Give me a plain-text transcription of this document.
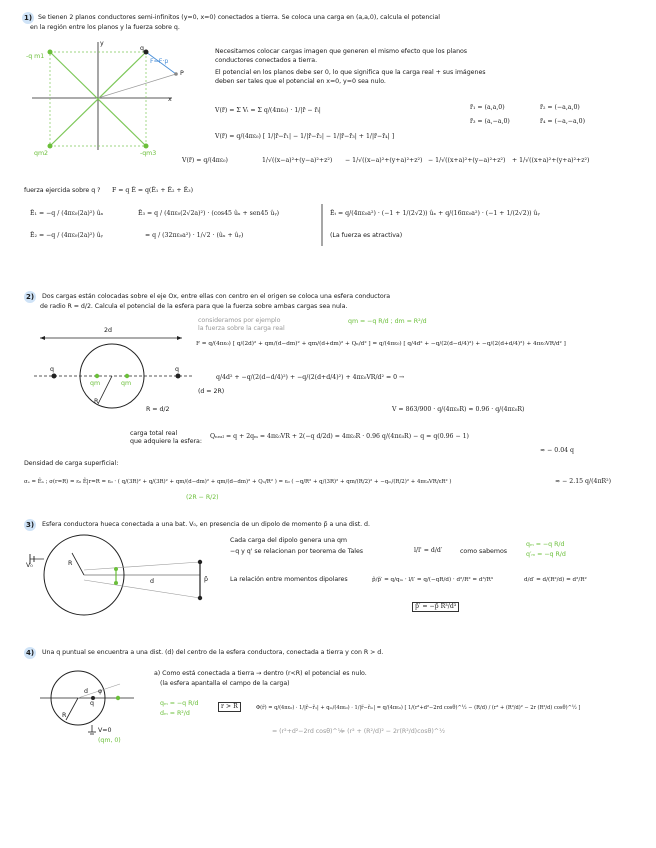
1) Se tienen 2 planos conductores semi-infinitos (y=0, x=0) conectados a tierra. Se coloca una carga en (a,a,0), calcula el potencial
en la región entre los planos y la fuerza sobre q.
-q m1
q
F=F·p
P
qm2	-qm3
y
x
Necesitamos colocar cargas imagen que generen el mismo efecto que los planos
conductores conectados a tierra.
El potencial en los planos debe ser 0, lo que significa que la carga real + sus imágenes
deben ser tales que el potencial en x=0, y=0 sea nulo.
V(r̃) = Σ Vᵢ = Σ q/(4πε₀) · 1/|r̃ − r̃ᵢ|	r̃₁ = (a,a,0)	r̃₂ = (−a,a,0)
r̃₃ = (a,−a,0)	r̃₄ = (−a,−a,0)
V(r̃) = q/(4πε₀) [ 1/|r̃−r̃₁| − 1/|r̃−r̃₂| − 1/|r̃−r̃₃| + 1/|r̃−r̃₄| ]
V(r̃) = q/(4πε₀)	1/√((x−a)²+(y−a)²+z²) − 1/√((x−a)²+(y+a)²+z²) − 1/√((x+a)²+(y−a)²+z²) + 1/√((x+a)²+(y+a)²+z²)
fuerza ejercida sobre q ? F = q Ẽ = q(Ẽ₁ + Ẽ₂ + Ẽ₃)
Ẽ₁ = −q / (4πε₀(2a)²) ûₓ
Ẽ₂ = −q / (4πε₀(2a)²) ûᵧ
Ẽ₃ = q / (4πε₀(2√2a)²) · (cos45 ûₓ + sen45 ûᵧ)
= q / (32πε₀a²) · 1/√2 · (ûₓ + ûᵧ)
Ẽₜ = q/(4πε₀a²) · (−1 + 1/(2√2)) ûₓ + q/(16πε₀a²) · (−1 + 1/(2√2)) ûᵧ
(La fuerza es atractiva)
2)	Dos cargas están colocadas sobre el eje Ox, entre ellas con centro en el origen se coloca una esfera conductora
de radio R = d/2. Calcula el potencial de la esfera para que la fuerza sobre ambas cargas sea nula.
2d
q	q
qm	qm
R
R = d/2
consideramos por ejemplo
la fuerza sobre la carga real
qm = −q R/d ; dm = R²/d
F = q/(4πε₀) [ q/(2d)² + qm/(d−dm)² + qm/(d+dm)² + Qₙ/d² ] = q/(4πε₀) [ q/4d² + −q/(2(d−d/4)²) + −q/(2(d+d/4)²) + 4πε₀VR/d² ]
q/4d² + −q/(2(d−d/4)²) + −q/(2(d+d/4)²) + 4πε₀VR/d² = 0 →
(d = 2R)
V = 863/900 · q/(4πε₀R) ≈ 0.96 · q/(4πε₀R)
carga total real
que adquiere la esfera:
Qₙₑₐₗ = q + 2qₘ = 4πε₀VR + 2(−q d/2d) = 4πε₀R · 0.96 q/(4πε₀R) − q = q(0.96 − 1)
≈ − 0.04 q
Densidad de carga superficial:
σₑ = Ẽₙ ; σ(r=R) = ε₀ Ẽ|r=R = ε₀ · ( q/(3R)² + q/(3R)² + qm/(d−dm)² + qm/(d−dm)² + Qₙ/R² ) = ε₀ ( −q/R² + q/(3R)² + qm/(R/2)² + −qₘ/(R/2)² + 4πε₀VR/εR² )	≈ − 2.15 q/(4πR²)
(2R − R/2)
3)	Esfera conductora hueca conectada a una bat. V₀, en presencia de un dipolo de momento p̃ a una dist. d.
V₀	R
d	p̃
Cada carga del dipolo genera una qm
−q y q' se relacionan por teorema de Tales	l/l' = d/d′	como sabemos
qₘ = −q R/d
q′ₘ = −q R/d
La relación entre momentos dipolares	p̃/p̃′ = q/qₘ · l/l′ = q/(−qR/d) · d²/R² = d³/R³	d/d′ = d/(R²/d) = d²/R²
p̃′ = −p̃ R³/d³
4)	Una q puntual se encuentra a una dist. (d) del centro de la esfera conductora, conectada a tierra y con R > d.
a) Como está conectada a tierra → dentro (r<R) el potencial es nulo.
(la esfera apantalla el campo de la carga)
R
d
q
φ
V=0
(qm, 0)
qₘ = −q R/d
dₘ = R²/d
r > R	Φ(r̃) = q/(4πε₀) · 1/|r̃−r̃₁| + qₘ/(4πε₀) · 1/|r̃−r̃ₘ| = q/(4πε₀) [ 1/(r²+d²−2rd cosθ)^½ − (R/d) / (r² + (R²/d)² − 2r (R²/d) cosθ)^½ ]
= (r²+d²−2rd cosθ)^½
= (r² + (R²/d)² − 2r(R²/d)cosθ)^½
